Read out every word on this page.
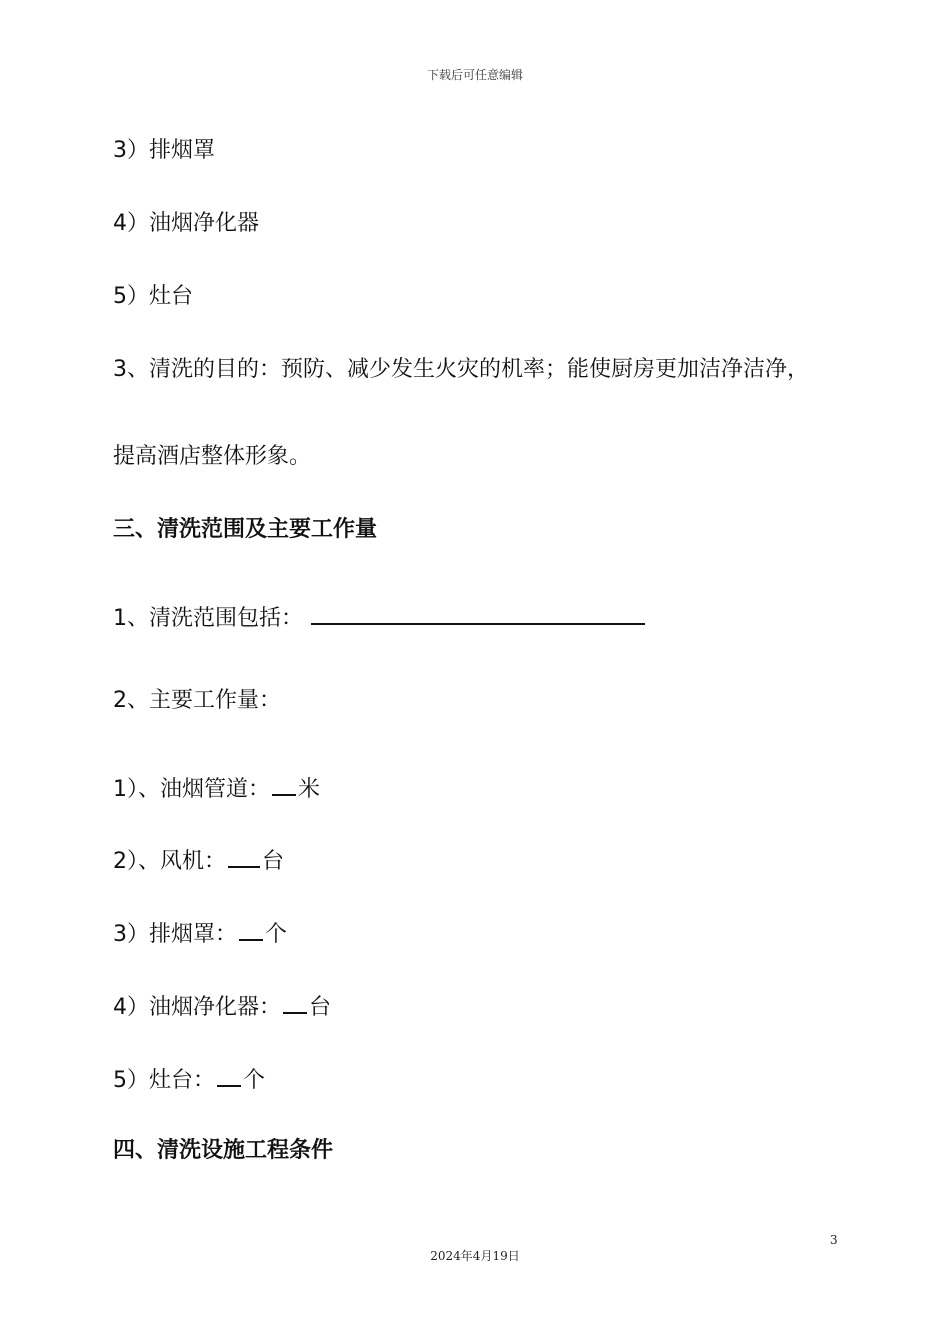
下载后可任意编辑
3）排烟罩
4）油烟净化器
5）灶台
3、清洗的目的：预防、减少发生火灾的机率；能使厨房更加洁净洁净，
提高酒店整体形象。
三、清洗范围及主要工作量
1、清洗范围包括：
2、主要工作量：
1）、油烟管道： 米
2）、风机： 台
3）排烟罩： 个
4）油烟净化器： 台
5）灶台： 个
四、清洗设施工程条件
3
2024年4月19日
